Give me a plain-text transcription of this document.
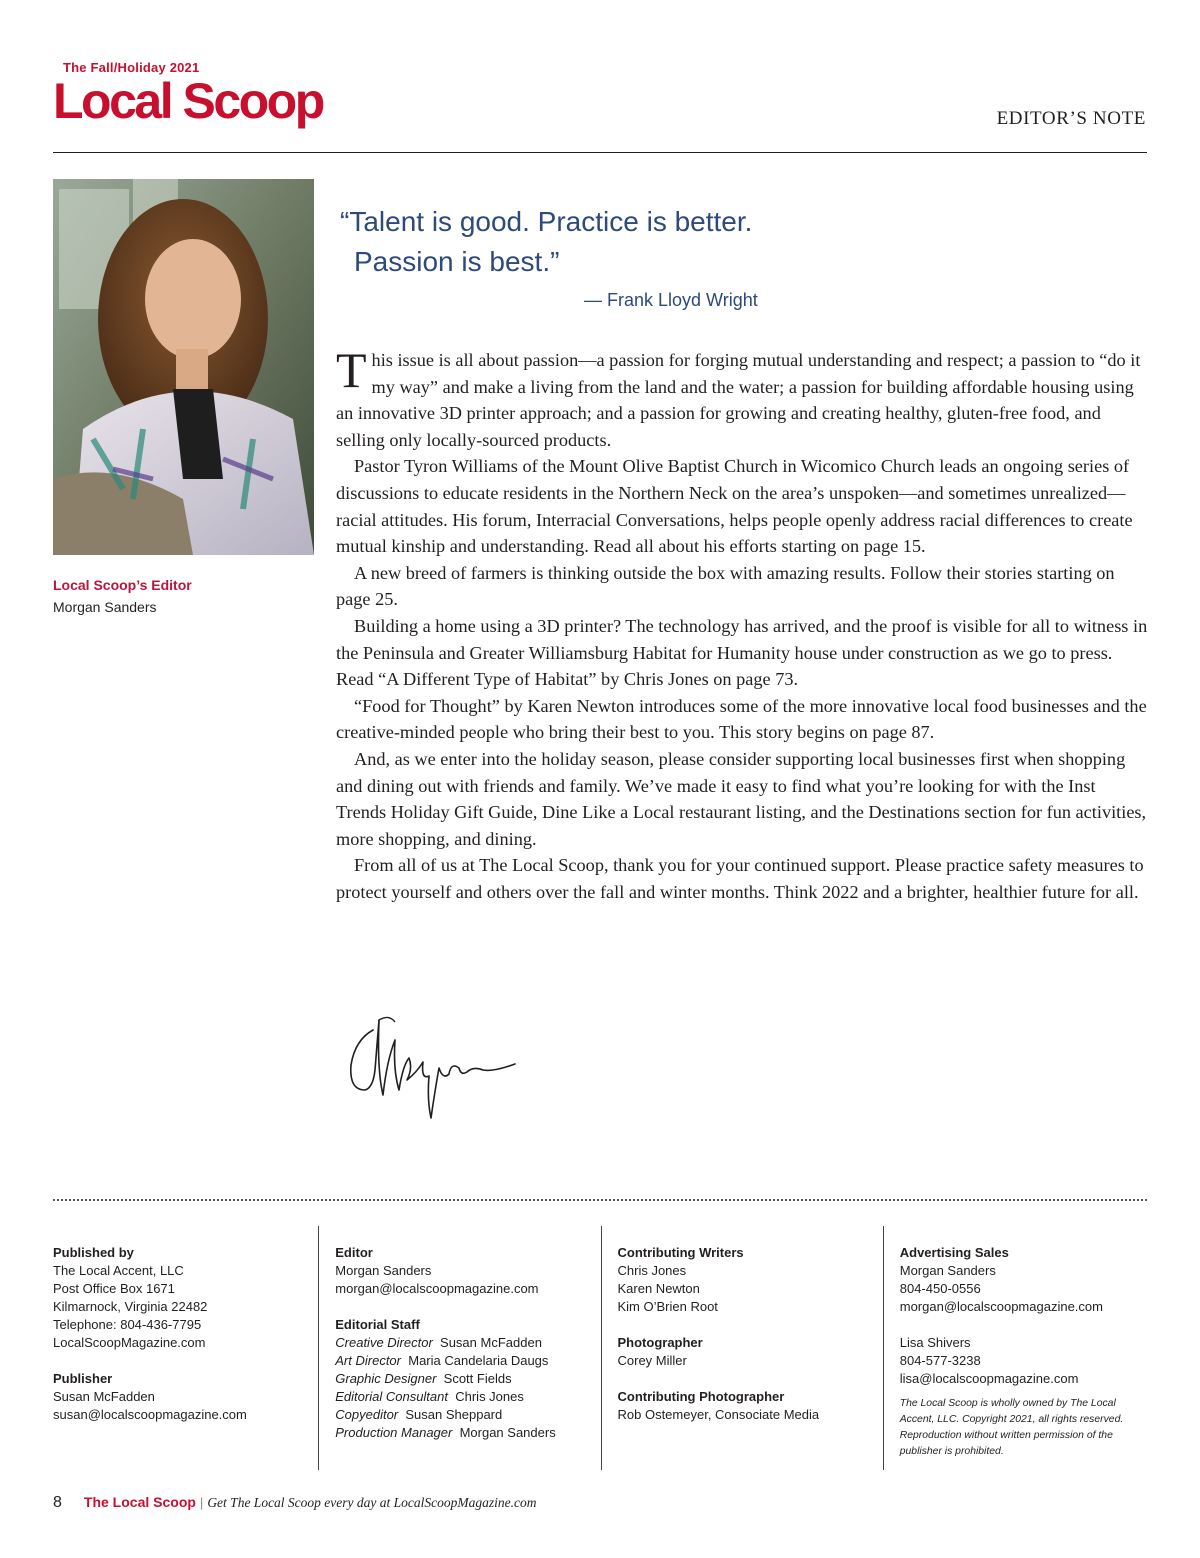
The Fall/Holiday 2021
Local Scoop	EDITOR’S NOTE
Local Scoop’s Editor
Morgan Sanders
“Talent is good. Practice is better.
Passion is best.”
— Frank Lloyd Wright

This issue is all about passion—a passion for forging mutual understanding and respect; a passion to “do it my way” and make a living from the land and the water; a passion for building affordable housing using an innovative 3D printer approach; and a passion for growing and creating healthy, gluten-free food, and selling only locally-sourced products.

Pastor Tyron Williams of the Mount Olive Baptist Church in Wicomico Church leads an ongoing series of discussions to educate residents in the Northern Neck on the area’s unspoken—and sometimes unrealized—racial attitudes. His forum, Interracial Conversations, helps people openly address racial differences to create mutual kinship and understanding. Read all about his efforts starting on page 15.

A new breed of farmers is thinking outside the box with amazing results. Follow their stories starting on page 25.

Building a home using a 3D printer? The technology has arrived, and the proof is visible for all to witness in the Peninsula and Greater Williamsburg Habitat for Humanity house under construction as we go to press. Read “A Different Type of Habitat” by Chris Jones on page 73.

“Food for Thought” by Karen Newton introduces some of the more innovative local food businesses and the creative-minded people who bring their best to you. This story begins on page 87.

And, as we enter into the holiday season, please consider supporting local businesses first when shopping and dining out with friends and family. We’ve made it easy to find what you’re looking for with the Inst Trends Holiday Gift Guide, Dine Like a Local restaurant listing, and the Destinations section for fun activities, more shopping, and dining.

From all of us at The Local Scoop, thank you for your continued support. Please practice safety measures to protect yourself and others over the fall and winter months. Think 2022 and a brighter, healthier future for all.

Published by
The Local Accent, LLC
Post Office Box 1671
Kilmarnock, Virginia 22482
Telephone: 804-436-7795
LocalScoopMagazine.com
Publisher
Susan McFadden
susan@localscoopmagazine.com
Editor
Morgan Sanders
morgan@localscoopmagazine.com
Editorial Staff
Creative Director Susan McFadden
Art Director Maria Candelaria Daugs
Graphic Designer Scott Fields
Editorial Consultant Chris Jones
Copyeditor Susan Sheppard
Production Manager Morgan Sanders
Contributing Writers
Chris Jones
Karen Newton
Kim O’Brien Root
Photographer
Corey Miller
Contributing Photographer
Rob Ostemeyer, Consociate Media
Advertising Sales
Morgan Sanders
804-450-0556
morgan@localscoopmagazine.com
Lisa Shivers
804-577-3238
lisa@localscoopmagazine.com
The Local Scoop is wholly owned by The Local Accent, LLC. Copyright 2021, all rights reserved. Reproduction without written permission of the publisher is prohibited.
8 The Local Scoop | Get The Local Scoop every day at LocalScoopMagazine.com
